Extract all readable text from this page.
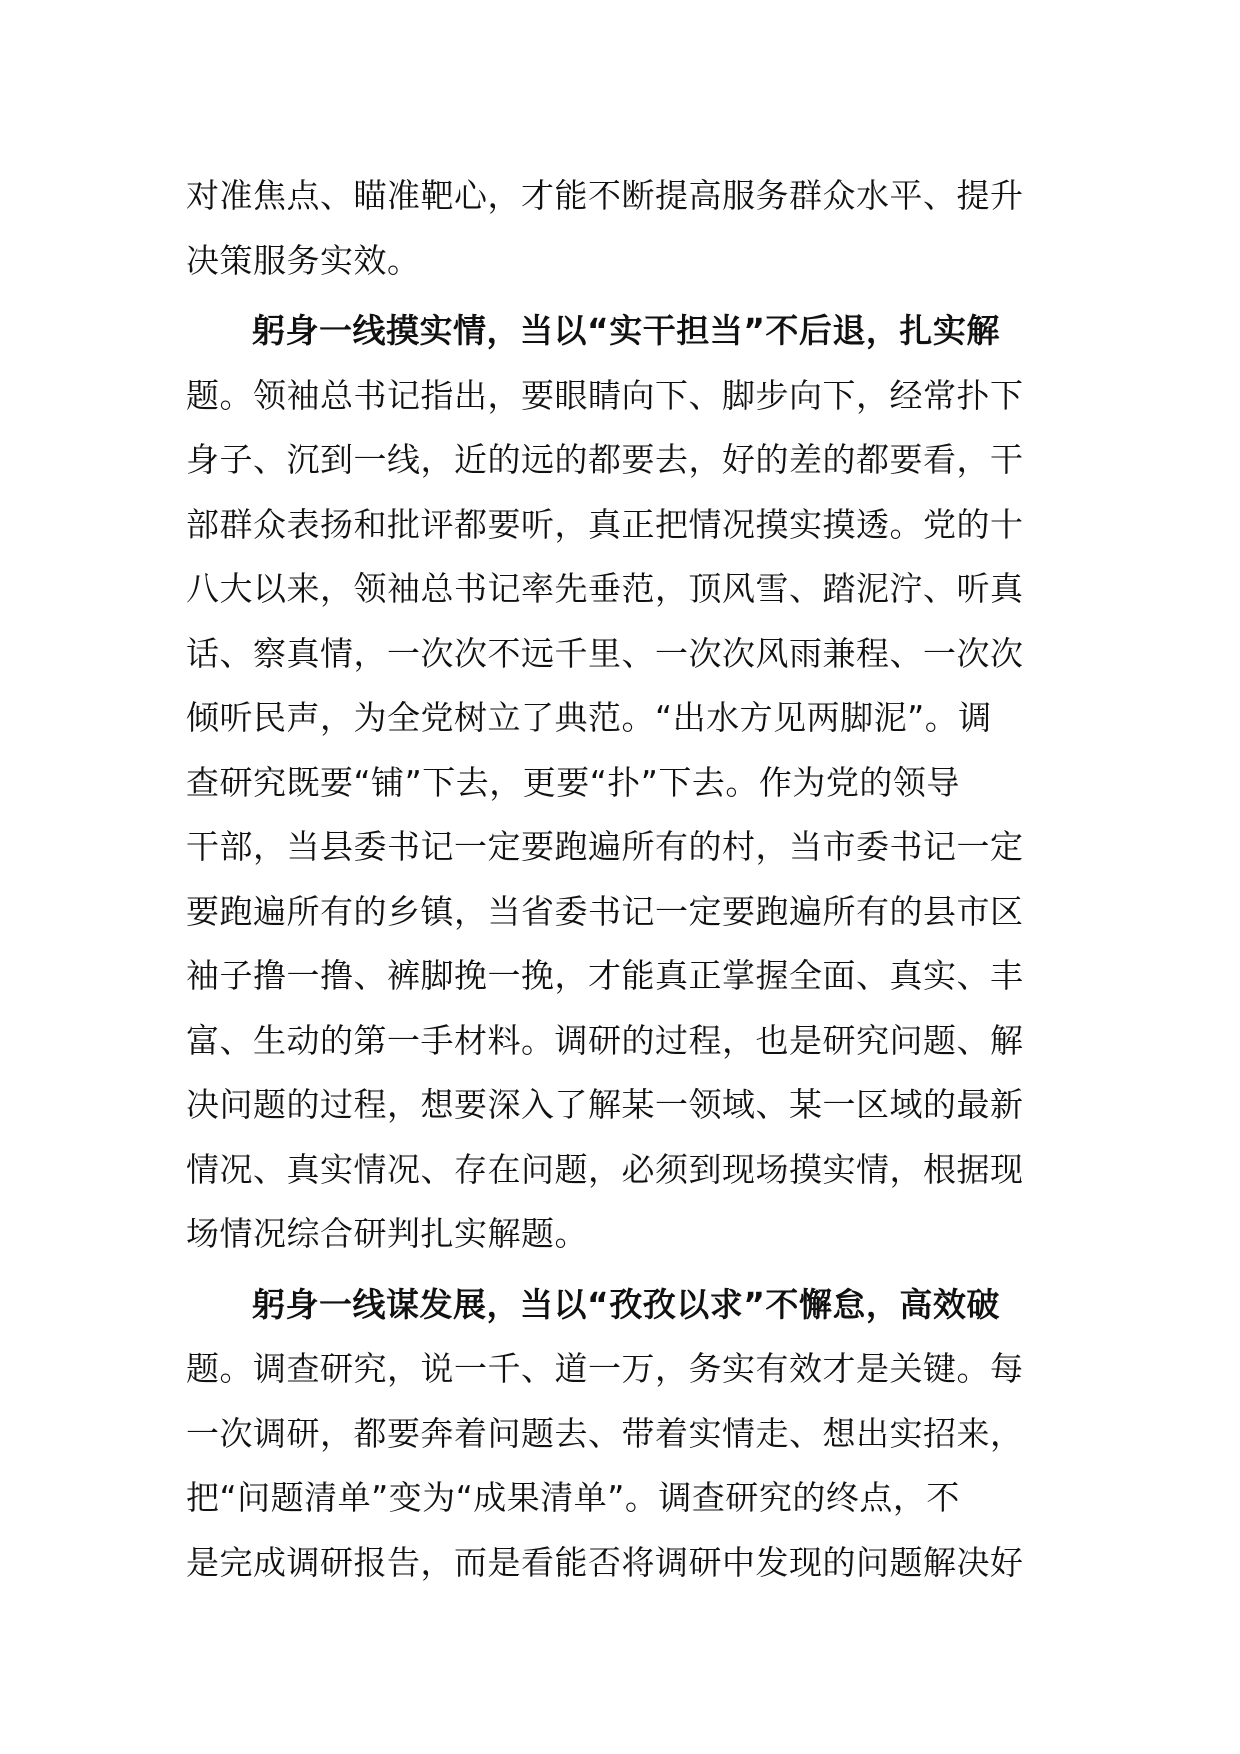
对准焦点、瞄准靶心，才能不断提高服务群众水平、提升
决策服务实效。
躬身一线摸实情，当以“实干担当”不后退，扎实解
题。领袖总书记指出，要眼睛向下、脚步向下，经常扑下
身子、沉到一线，近的远的都要去，好的差的都要看，干
部群众表扬和批评都要听，真正把情况摸实摸透。党的十
八大以来，领袖总书记率先垂范，顶风雪、踏泥泞、听真
话、察真情，一次次不远千里、一次次风雨兼程、一次次
倾听民声，为全党树立了典范。“出水方见两脚泥”。调
查研究既要“铺”下去，更要“扑”下去。作为党的领导
干部，当县委书记一定要跑遍所有的村，当市委书记一定
要跑遍所有的乡镇，当省委书记一定要跑遍所有的县市区
袖子撸一撸、裤脚挽一挽，才能真正掌握全面、真实、丰
富、生动的第一手材料。调研的过程，也是研究问题、解
决问题的过程，想要深入了解某一领域、某一区域的最新
情况、真实情况、存在问题，必须到现场摸实情，根据现
场情况综合研判扎实解题。
躬身一线谋发展，当以“孜孜以求”不懈怠，高效破
题。调查研究，说一千、道一万，务实有效才是关键。每
一次调研，都要奔着问题去、带着实情走、想出实招来，
把“问题清单”变为“成果清单”。调查研究的终点，不
是完成调研报告，而是看能否将调研中发现的问题解决好
